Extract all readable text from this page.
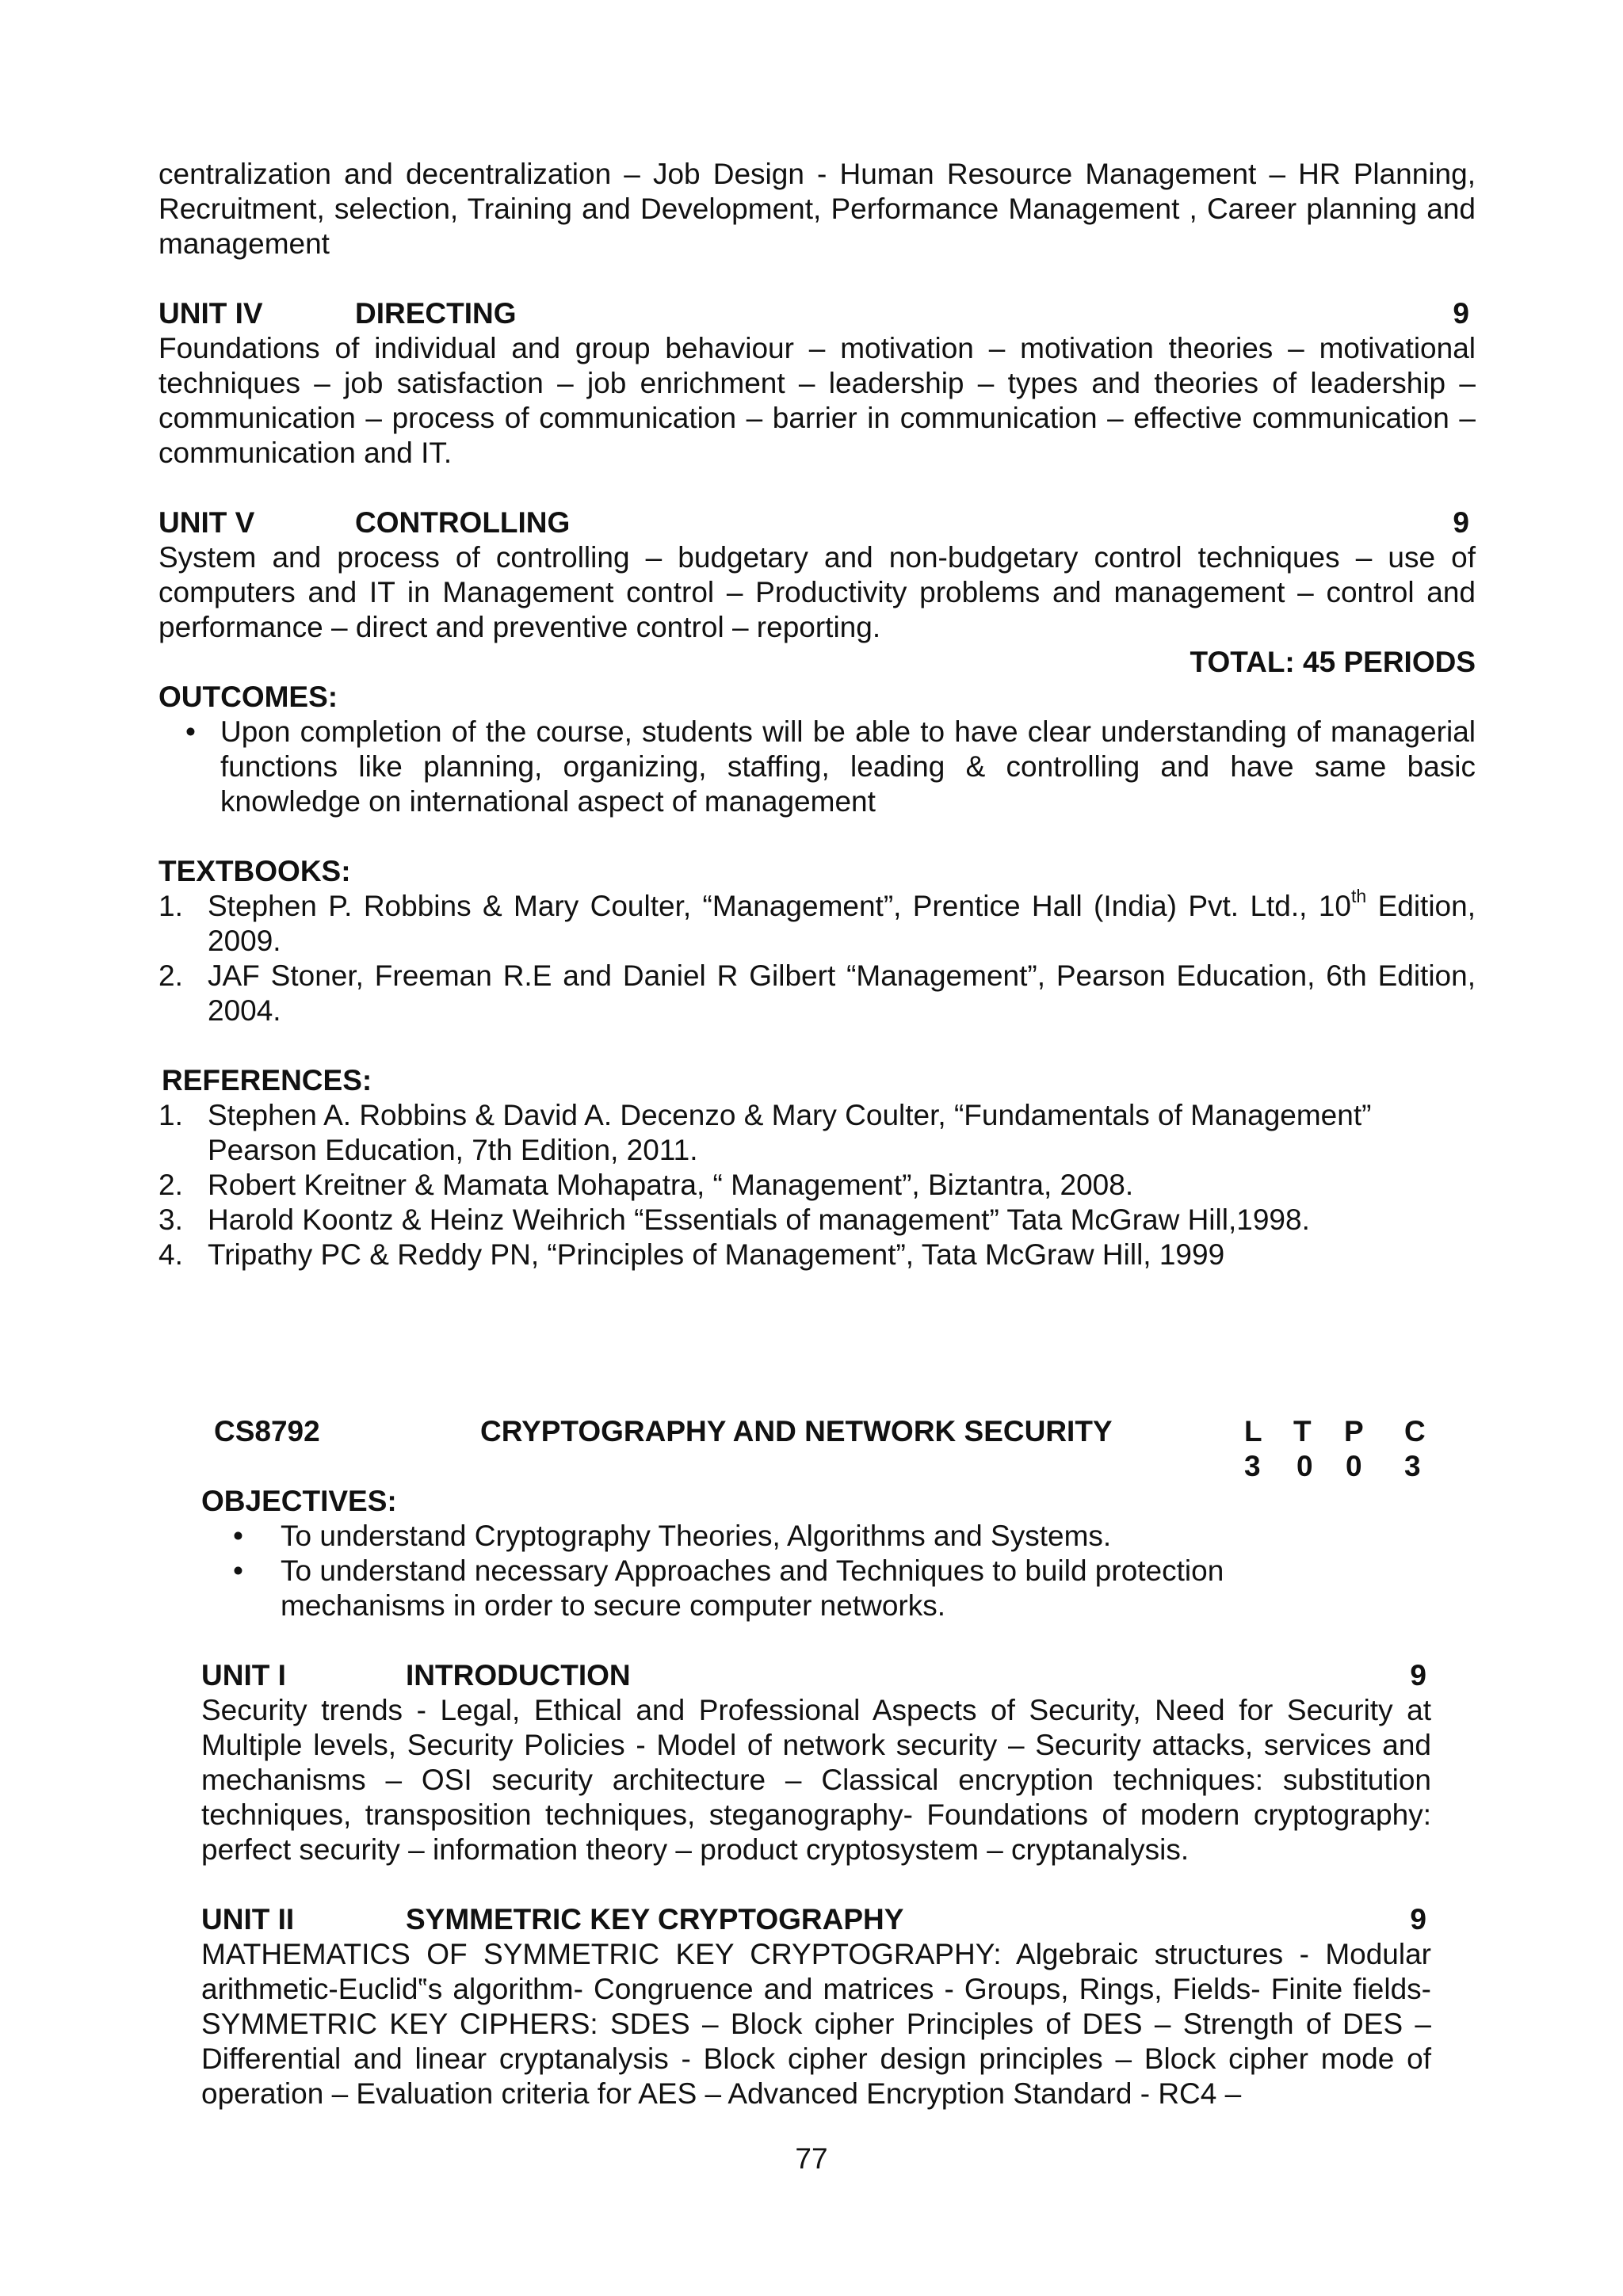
centralization and decentralization – Job Design - Human Resource Management – HR Planning, Recruitment, selection, Training and Development, Performance Management , Career planning and management

UNIT IV	DIRECTING	9

Foundations of individual and group behaviour – motivation – motivation theories – motivational techniques – job satisfaction – job enrichment – leadership – types and theories of leadership – communication – process of communication – barrier in communication – effective communication –communication and IT.

UNIT V	CONTROLLING	9

System and process of controlling – budgetary and non-budgetary control techniques – use of computers and IT in Management control – Productivity problems and management – control and performance – direct and preventive control – reporting.

TOTAL: 45 PERIODS
OUTCOMES:
• Upon completion of the course, students will be able to have clear understanding of managerial functions like planning, organizing, staffing, leading & controlling and have same basic knowledge on international aspect of management
TEXTBOOKS:
1. Stephen P. Robbins & Mary Coulter, “Management”, Prentice Hall (India) Pvt. Ltd., 10th Edition, 2009.
2. JAF Stoner, Freeman R.E and Daniel R Gilbert “Management”, Pearson Education, 6th Edition, 2004.
REFERENCES:
1. Stephen A. Robbins & David A. Decenzo & Mary Coulter, “Fundamentals of Management” Pearson Education, 7th Edition, 2011.
2. Robert Kreitner & Mamata Mohapatra, “ Management”, Biztantra, 2008.
3. Harold Koontz & Heinz Weihrich “Essentials of management” Tata McGraw Hill,1998.
4. Tripathy PC & Reddy PN, “Principles of Management”, Tata McGraw Hill, 1999
CS8792	CRYPTOGRAPHY AND NETWORK SECURITY	L T P C
3 0 0 3
OBJECTIVES:
• To understand Cryptography Theories, Algorithms and Systems.
• To understand necessary Approaches and Techniques to build protection mechanisms in order to secure computer networks.
UNIT I	INTRODUCTION	9

Security trends - Legal, Ethical and Professional Aspects of Security, Need for Security at Multiple levels, Security Policies - Model of network security – Security attacks, services and mechanisms – OSI security architecture – Classical encryption techniques: substitution techniques, transposition techniques, steganography- Foundations of modern cryptography: perfect security – information theory – product cryptosystem – cryptanalysis.

UNIT II	SYMMETRIC KEY CRYPTOGRAPHY	9

MATHEMATICS OF SYMMETRIC KEY CRYPTOGRAPHY: Algebraic structures - Modular arithmetic-Euclid‟s algorithm- Congruence and matrices - Groups, Rings, Fields- Finite fields- SYMMETRIC KEY CIPHERS: SDES – Block cipher Principles of DES – Strength of DES – Differential and linear cryptanalysis - Block cipher design principles – Block cipher mode of operation – Evaluation criteria for AES – Advanced Encryption Standard - RC4 –

77
